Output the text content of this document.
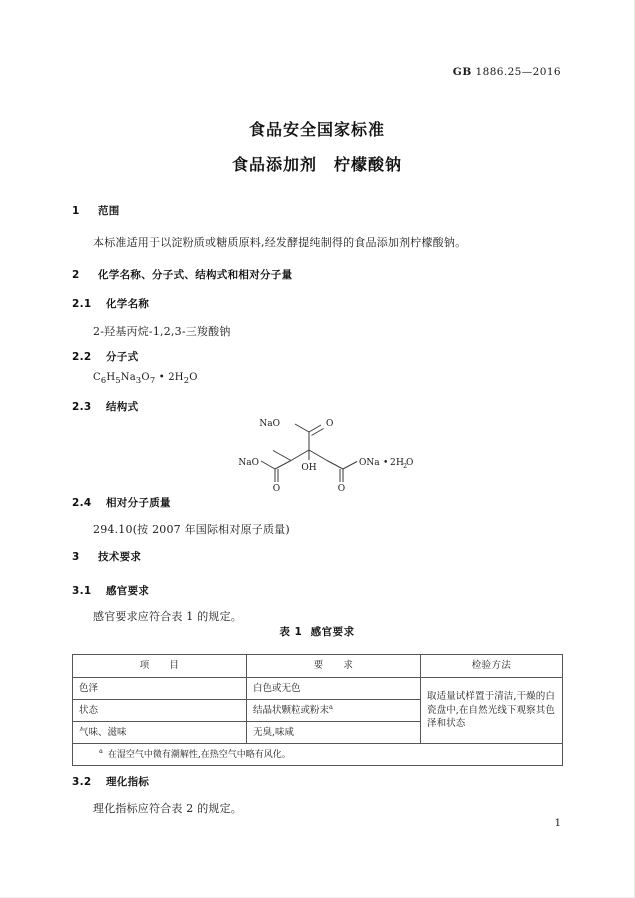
GB 1886.25—2016
食品安全国家标准
食品添加剂　柠檬酸钠
1 范围
本标准适用于以淀粉质或糖质原料,经发酵提纯制得的食品添加剂柠檬酸钠。
2 化学名称、分子式、结构式和相对分子量
2.1 化学名称
2-羟基丙烷-1,2,3-三羧酸钠
2.2 分子式
$C_6H_5Na_3O_7$ • $2H_2O$
2.3 结构式
NaO	O
NaO
O
OH
O
ONa • 2 H 2
O
2.4 相对分子质量
294.10(按 2007 年国际相对原子质量)
3 技术要求
3.1 感官要求
感官要求应符合表 1 的规定。
表 1 感官要求
项　　目	要　　求	检验方法
色泽	白色或无色	取适量试样置于清洁,干燥的白瓷盘中,在自然光线下观察其色泽和状态
状态	结晶状颗粒或粉末$^a$
气味、滋味	无臭,味咸	
$^a$ 在湿空气中微有潮解性,在热空气中略有风化。		
3.2 理化指标
理化指标应符合表 2 的规定。
1
